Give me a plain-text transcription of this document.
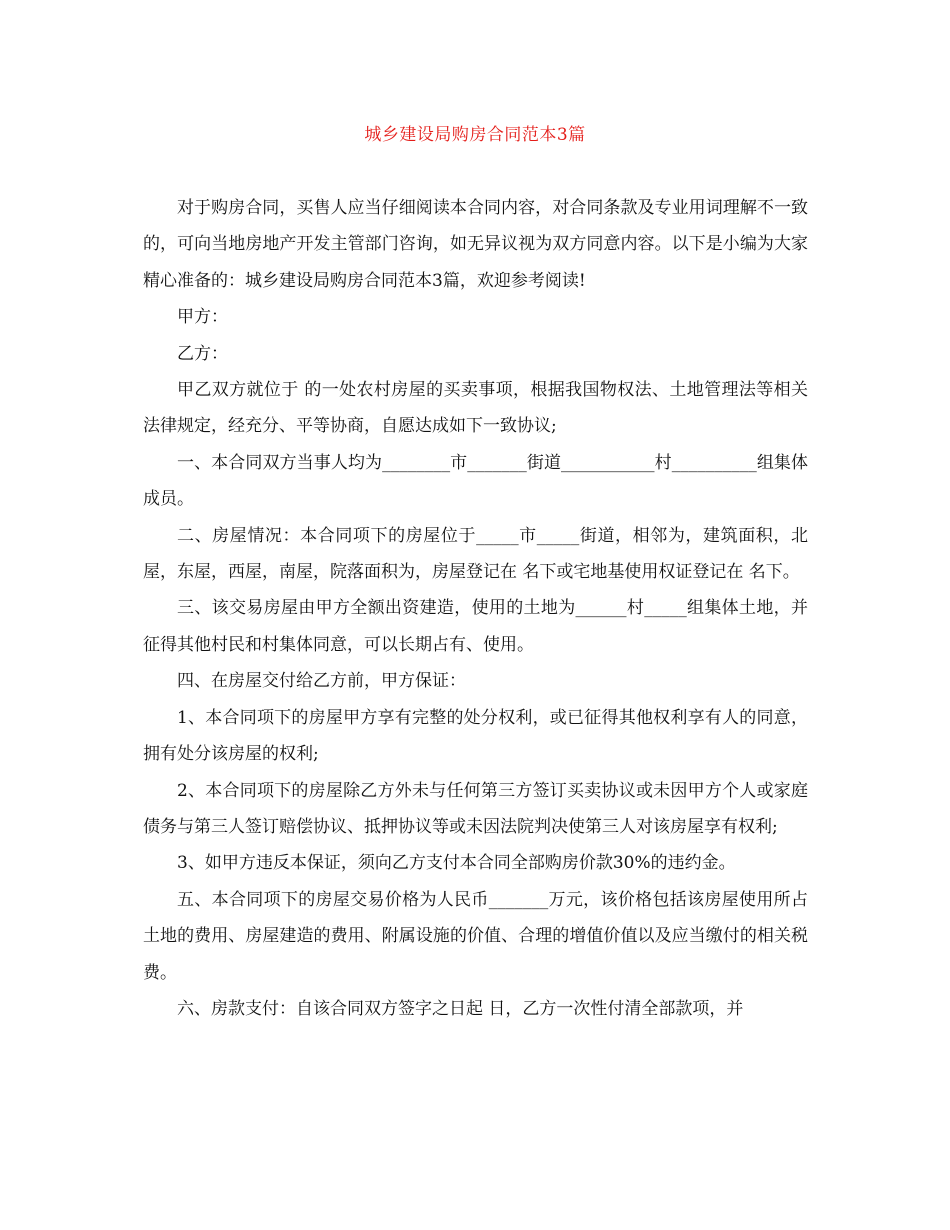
城乡建设局购房合同范本3篇

对于购房合同，买售人应当仔细阅读本合同内容，对合同条款及专业用词理解不一致的，可向当地房地产开发主管部门咨询，如无异议视为双方同意内容。以下是小编为大家精心准备的：城乡建设局购房合同范本3篇，欢迎参考阅读!

甲方：

乙方：

甲乙双方就位于 的一处农村房屋的买卖事项，根据我国物权法、土地管理法等相关法律规定，经充分、平等协商，自愿达成如下一致协议;

一、本合同双方当事人均为________市_______街道___________村__________组集体成员。

二、房屋情况：本合同项下的房屋位于_____市_____街道，相邻为，建筑面积，北屋，东屋，西屋，南屋，院落面积为，房屋登记在 名下或宅地基使用权证登记在 名下。

三、该交易房屋由甲方全额出资建造，使用的土地为______村_____组集体土地，并征得其他村民和村集体同意，可以长期占有、使用。

四、在房屋交付给乙方前，甲方保证：

1、本合同项下的房屋甲方享有完整的处分权利，或已征得其他权利享有人的同意，拥有处分该房屋的权利;

2、本合同项下的房屋除乙方外未与任何第三方签订买卖协议或未因甲方个人或家庭债务与第三人签订赔偿协议、抵押协议等或未因法院判决使第三人对该房屋享有权利;

3、如甲方违反本保证，须向乙方支付本合同全部购房价款30%的违约金。

五、本合同项下的房屋交易价格为人民币_______万元，该价格包括该房屋使用所占土地的费用、房屋建造的费用、附属设施的价值、合理的增值价值以及应当缴付的相关税费。

六、房款支付：自该合同双方签字之日起 日，乙方一次性付清全部款项，并
